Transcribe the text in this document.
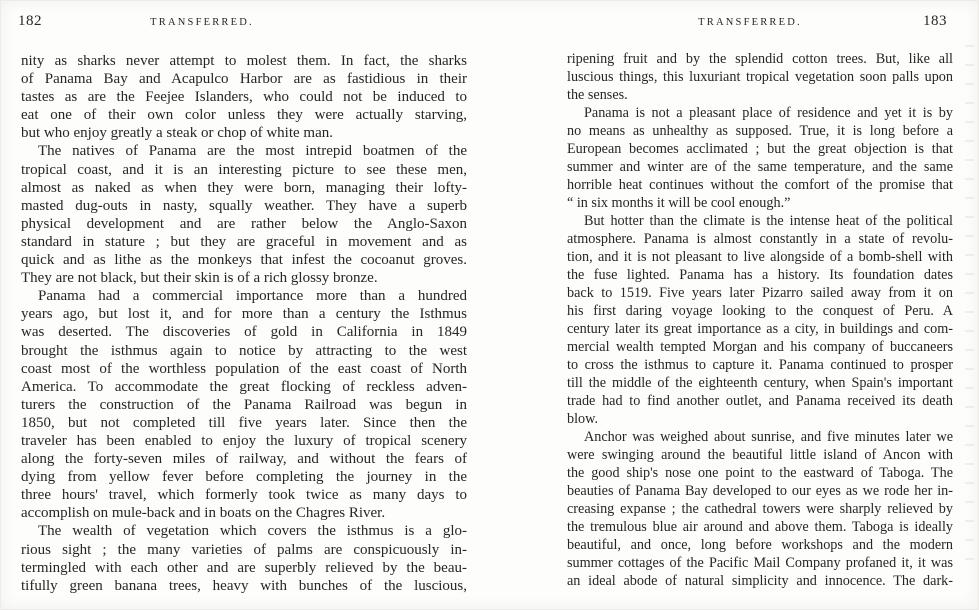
182	TRANSFERRED.
nity as sharks never attempt to molest them. In fact, the sharks
of Panama Bay and Acapulco Harbor are as fastidious in their
tastes as are the Feejee Islanders, who could not be induced to
eat one of their own color unless they were actually starving,
but who enjoy greatly a steak or chop of white man.
The natives of Panama are the most intrepid boatmen of the
tropical coast, and it is an interesting picture to see these men,
almost as naked as when they were born, managing their lofty-
masted dug-outs in nasty, squally weather. They have a superb
physical development and are rather below the Anglo-Saxon
standard in stature ; but they are graceful in movement and as
quick and as lithe as the monkeys that infest the cocoanut groves.
They are not black, but their skin is of a rich glossy bronze.
Panama had a commercial importance more than a hundred
years ago, but lost it, and for more than a century the Isthmus
was deserted. The discoveries of gold in California in 1849
brought the isthmus again to notice by attracting to the west
coast most of the worthless population of the east coast of North
America. To accommodate the great flocking of reckless adven-
turers the construction of the Panama Railroad was begun in
1850, but not completed till five years later. Since then the
traveler has been enabled to enjoy the luxury of tropical scenery
along the forty-seven miles of railway, and without the fears of
dying from yellow fever before completing the journey in the
three hours' travel, which formerly took twice as many days to
accomplish on mule-back and in boats on the Chagres River.
The wealth of vegetation which covers the isthmus is a glo-
rious sight ; the many varieties of palms are conspicuously in-
termingled with each other and are superbly relieved by the beau-
tifully green banana trees, heavy with bunches of the luscious,
TRANSFERRED.	183
ripening fruit and by the splendid cotton trees. But, like all
luscious things, this luxuriant tropical vegetation soon palls upon
the senses.
Panama is not a pleasant place of residence and yet it is by
no means as unhealthy as supposed. True, it is long before a
European becomes acclimated ; but the great objection is that
summer and winter are of the same temperature, and the same
horrible heat continues without the comfort of the promise that
“ in six months it will be cool enough.”
But hotter than the climate is the intense heat of the political
atmosphere. Panama is almost constantly in a state of revolu-
tion, and it is not pleasant to live alongside of a bomb-shell with
the fuse lighted. Panama has a history. Its foundation dates
back to 1519. Five years later Pizarro sailed away from it on
his first daring voyage looking to the conquest of Peru. A
century later its great importance as a city, in buildings and com-
mercial wealth tempted Morgan and his company of buccaneers
to cross the isthmus to capture it. Panama continued to prosper
till the middle of the eighteenth century, when Spain's important
trade had to find another outlet, and Panama received its death
blow.
Anchor was weighed about sunrise, and five minutes later we
were swinging around the beautiful little island of Ancon with
the good ship's nose one point to the eastward of Taboga. The
beauties of Panama Bay developed to our eyes as we rode her in-
creasing expanse ; the cathedral towers were sharply relieved by
the tremulous blue air around and above them. Taboga is ideally
beautiful, and once, long before workshops and the modern
summer cottages of the Pacific Mail Company profaned it, it was
an ideal abode of natural simplicity and innocence. The dark-
